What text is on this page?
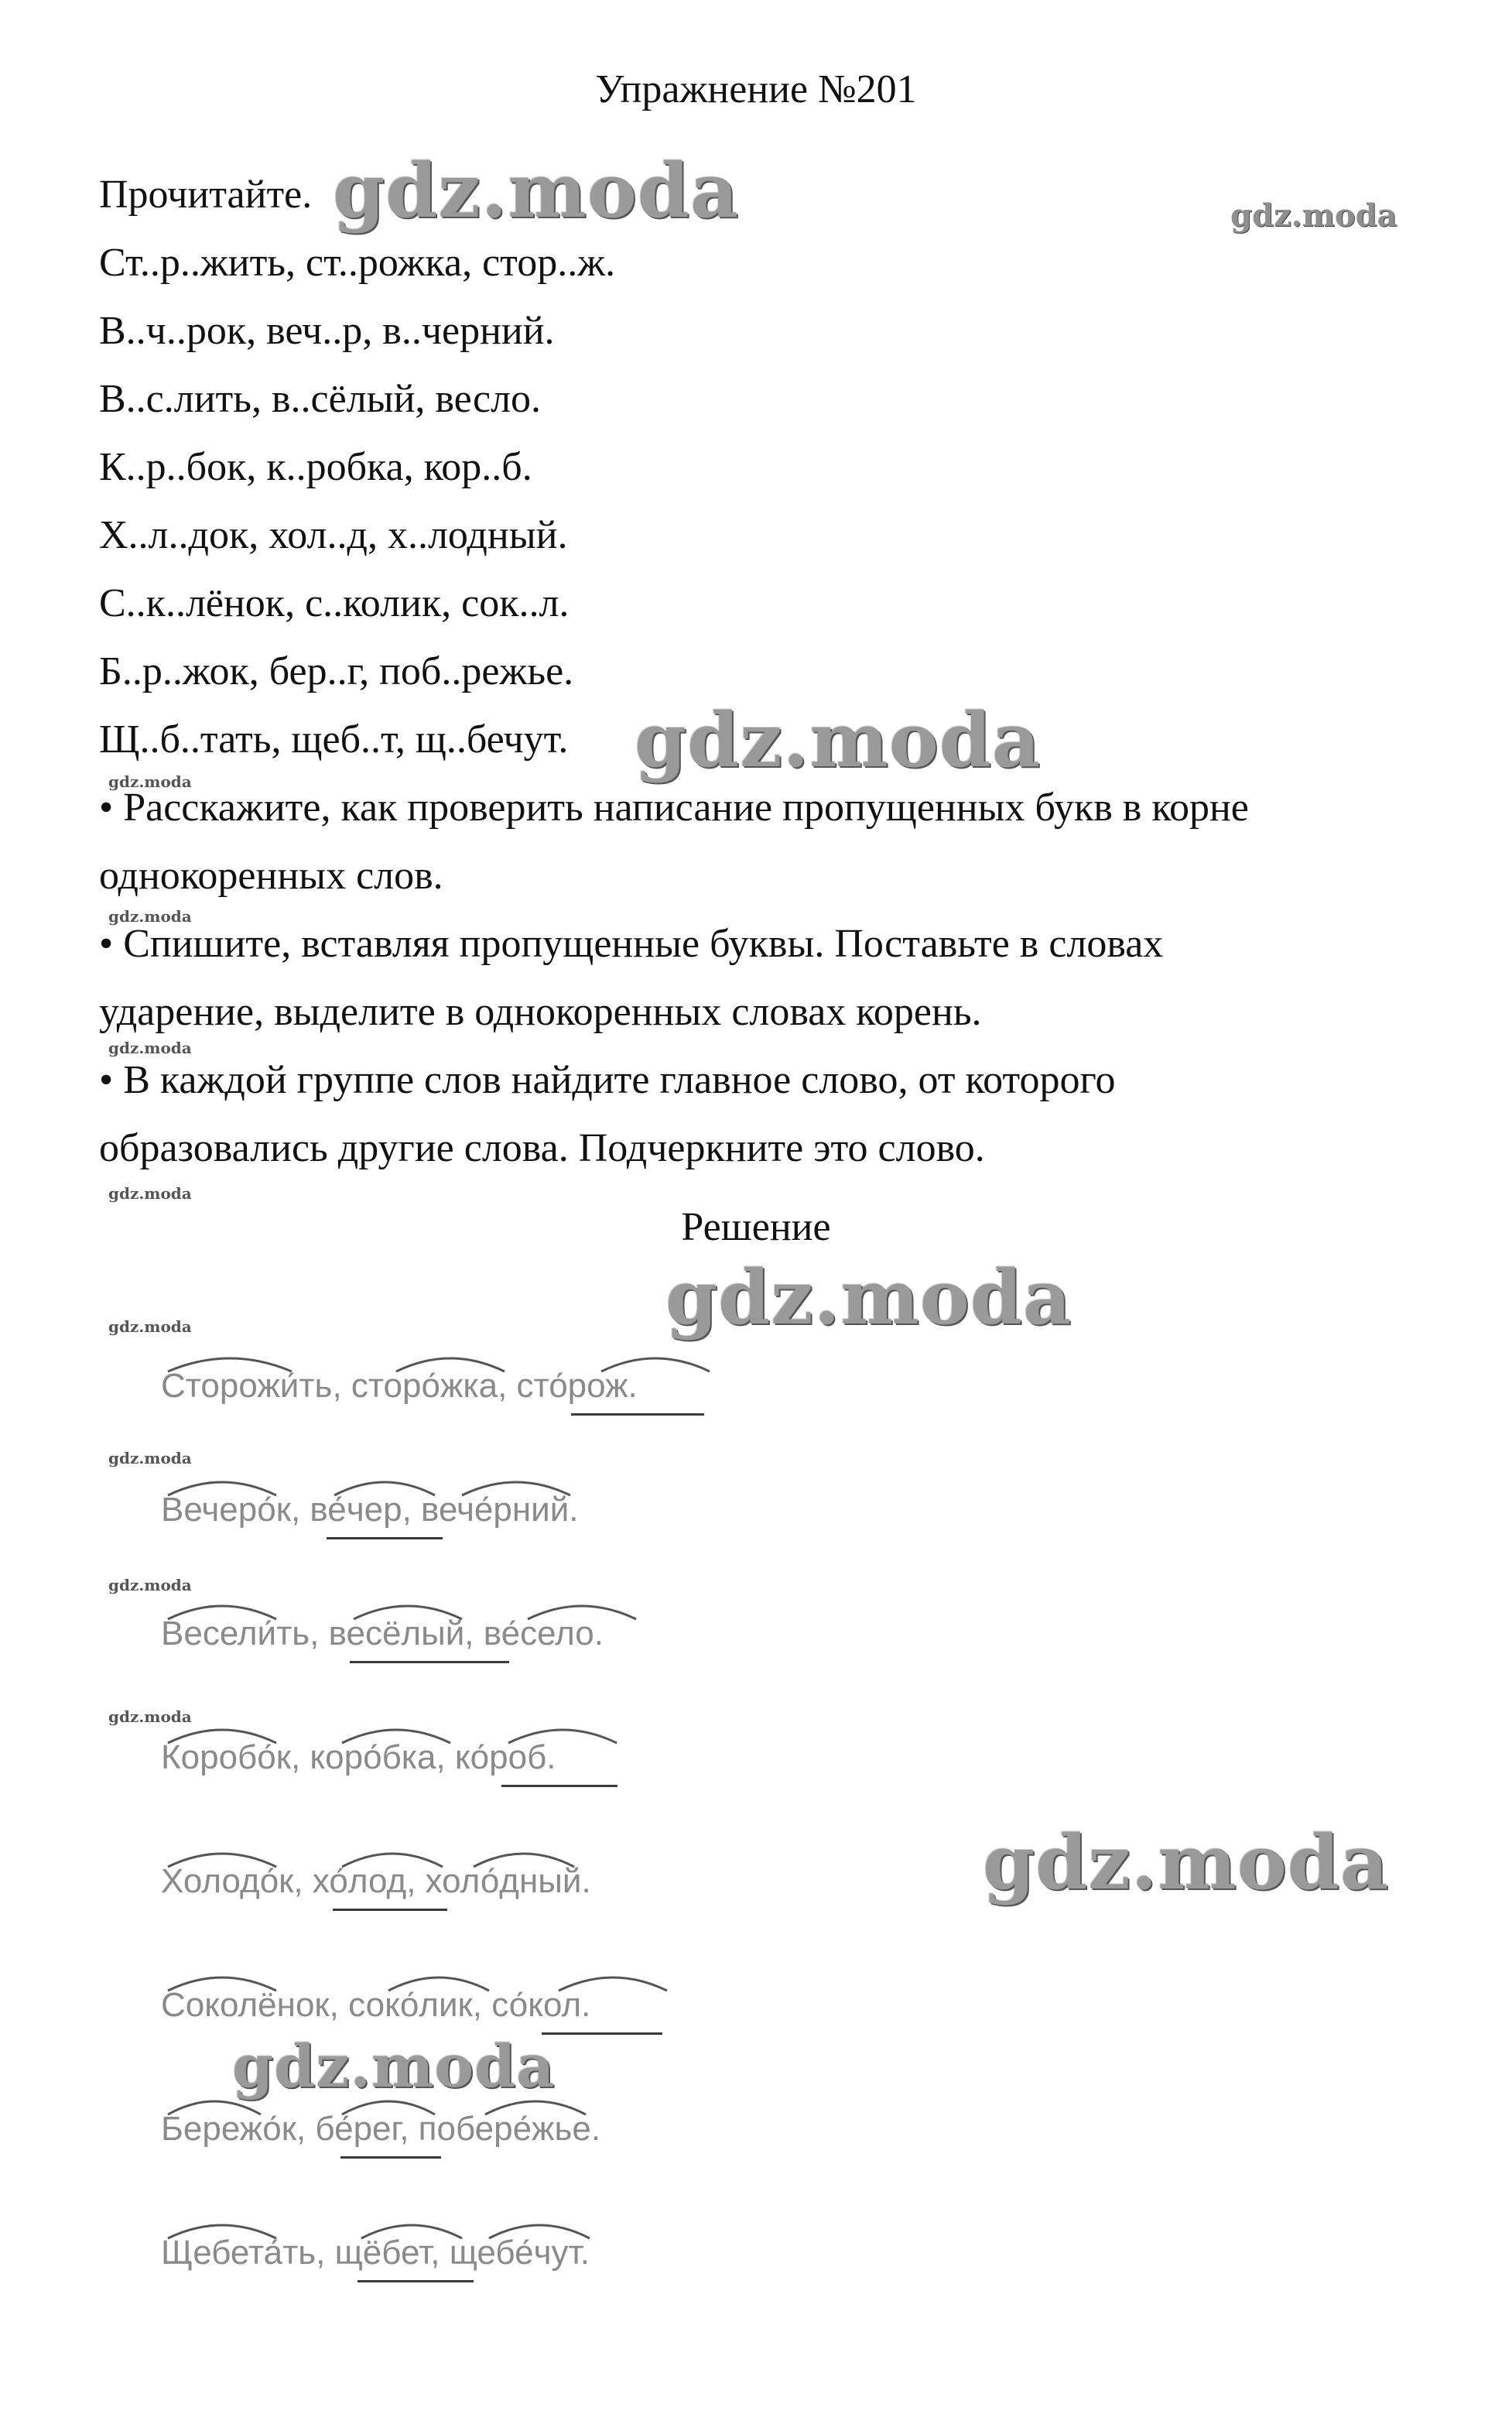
Упражнение №201
Прочитайте.
Ст..р..жить, ст..рожка, стор..ж.
В..ч..рок, веч..р, в..черний.
В..с.лить, в..сёлый, весло.
К..р..бок, к..робка, кор..б.
Х..л..док, хол..д, х..лодный.
С..к..лёнок, с..колик, сок..л.
Б..р..жок, бер..г, поб..режье.
Щ..б..тать, щеб..т, щ..бечут.
• Расскажите, как проверить написание пропущенных букв в корне
однокоренных слов.
• Спишите, вставляя пропущенные буквы. Поставьте в словах
ударение, выделите в однокоренных словах корень.
• В каждой группе слов найдите главное слово, от которого
образовались другие слова. Подчеркните это слово.
Решение
Сторожи́ть, сторо́жка, сто́рож.
Вечеро́к, ве́чер, вече́рний.
Весели́ть, весёлый, ве́село.
Коробо́к, коро́бка, ко́роб.
Холодо́к, хо́лод, холо́дный.
Соколёнок, соко́лик, со́кол.
Бережо́к, бе́рег, побере́жье.
Щебета́ть, щёбет, щебе́чут.
gdz.moda	gdz.moda
gdz.moda
gdz.moda
gdz.moda
gdz.moda
gdz.moda
gdz.moda
gdz.moda
gdz.moda
gdz.moda
gdz.moda
gdz.moda
gdz.moda
